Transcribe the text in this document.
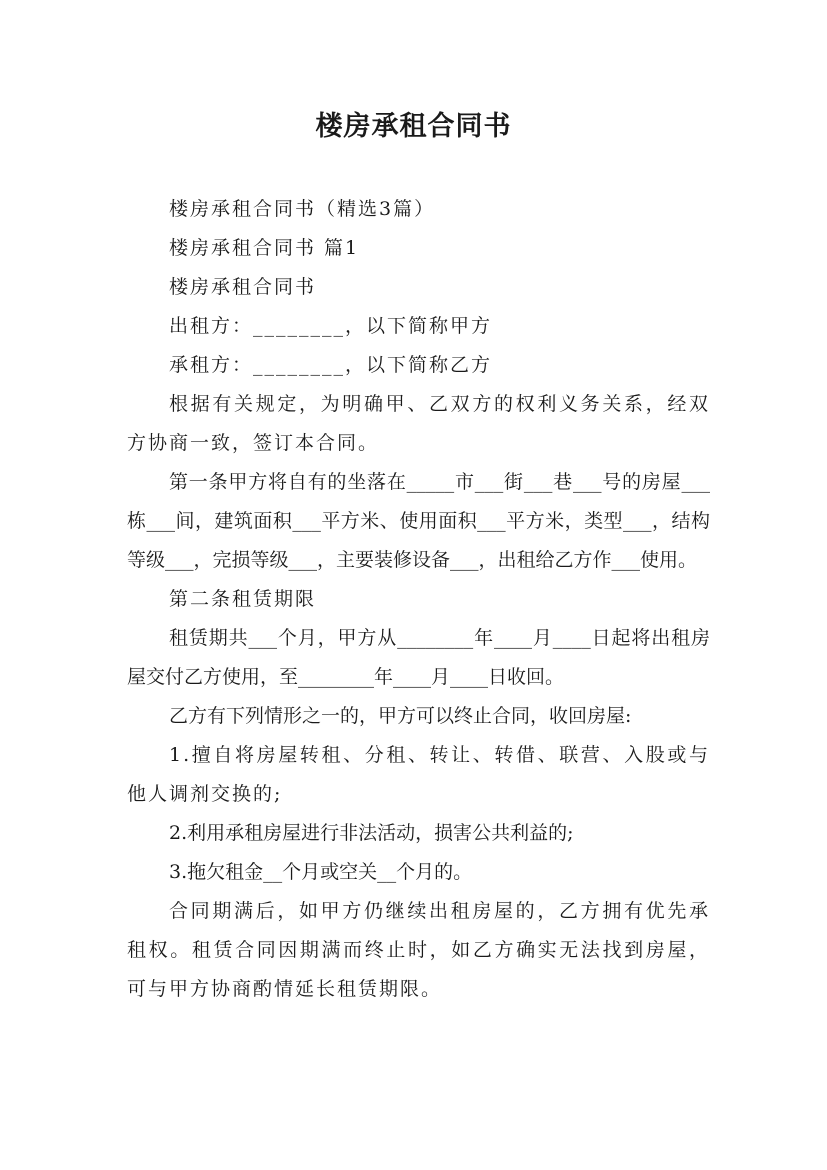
楼房承租合同书

楼房承租合同书（精选3篇）

楼房承租合同书 篇1

楼房承租合同书

出租方：________，以下简称甲方

承租方：________，以下简称乙方

根据有关规定，为明确甲、乙双方的权利义务关系，经双方协商一致，签订本合同。

第一条甲方将自有的坐落在_____市___街___巷___号的房屋___栋___间，建筑面积___平方米、使用面积___平方米，类型___，结构等级___，完损等级___，主要装修设备___，出租给乙方作___使用。

第二条租赁期限

租赁期共___个月，甲方从________年____月____日起将出租房屋交付乙方使用，至________年____月____日收回。

乙方有下列情形之一的，甲方可以终止合同，收回房屋:

1.擅自将房屋转租、分租、转让、转借、联营、入股或与他人调剂交换的;

2.利用承租房屋进行非法活动，损害公共利益的;

3.拖欠租金__个月或空关__个月的。

合同期满后，如甲方仍继续出租房屋的，乙方拥有优先承租权。租赁合同因期满而终止时，如乙方确实无法找到房屋，可与甲方协商酌情延长租赁期限。
